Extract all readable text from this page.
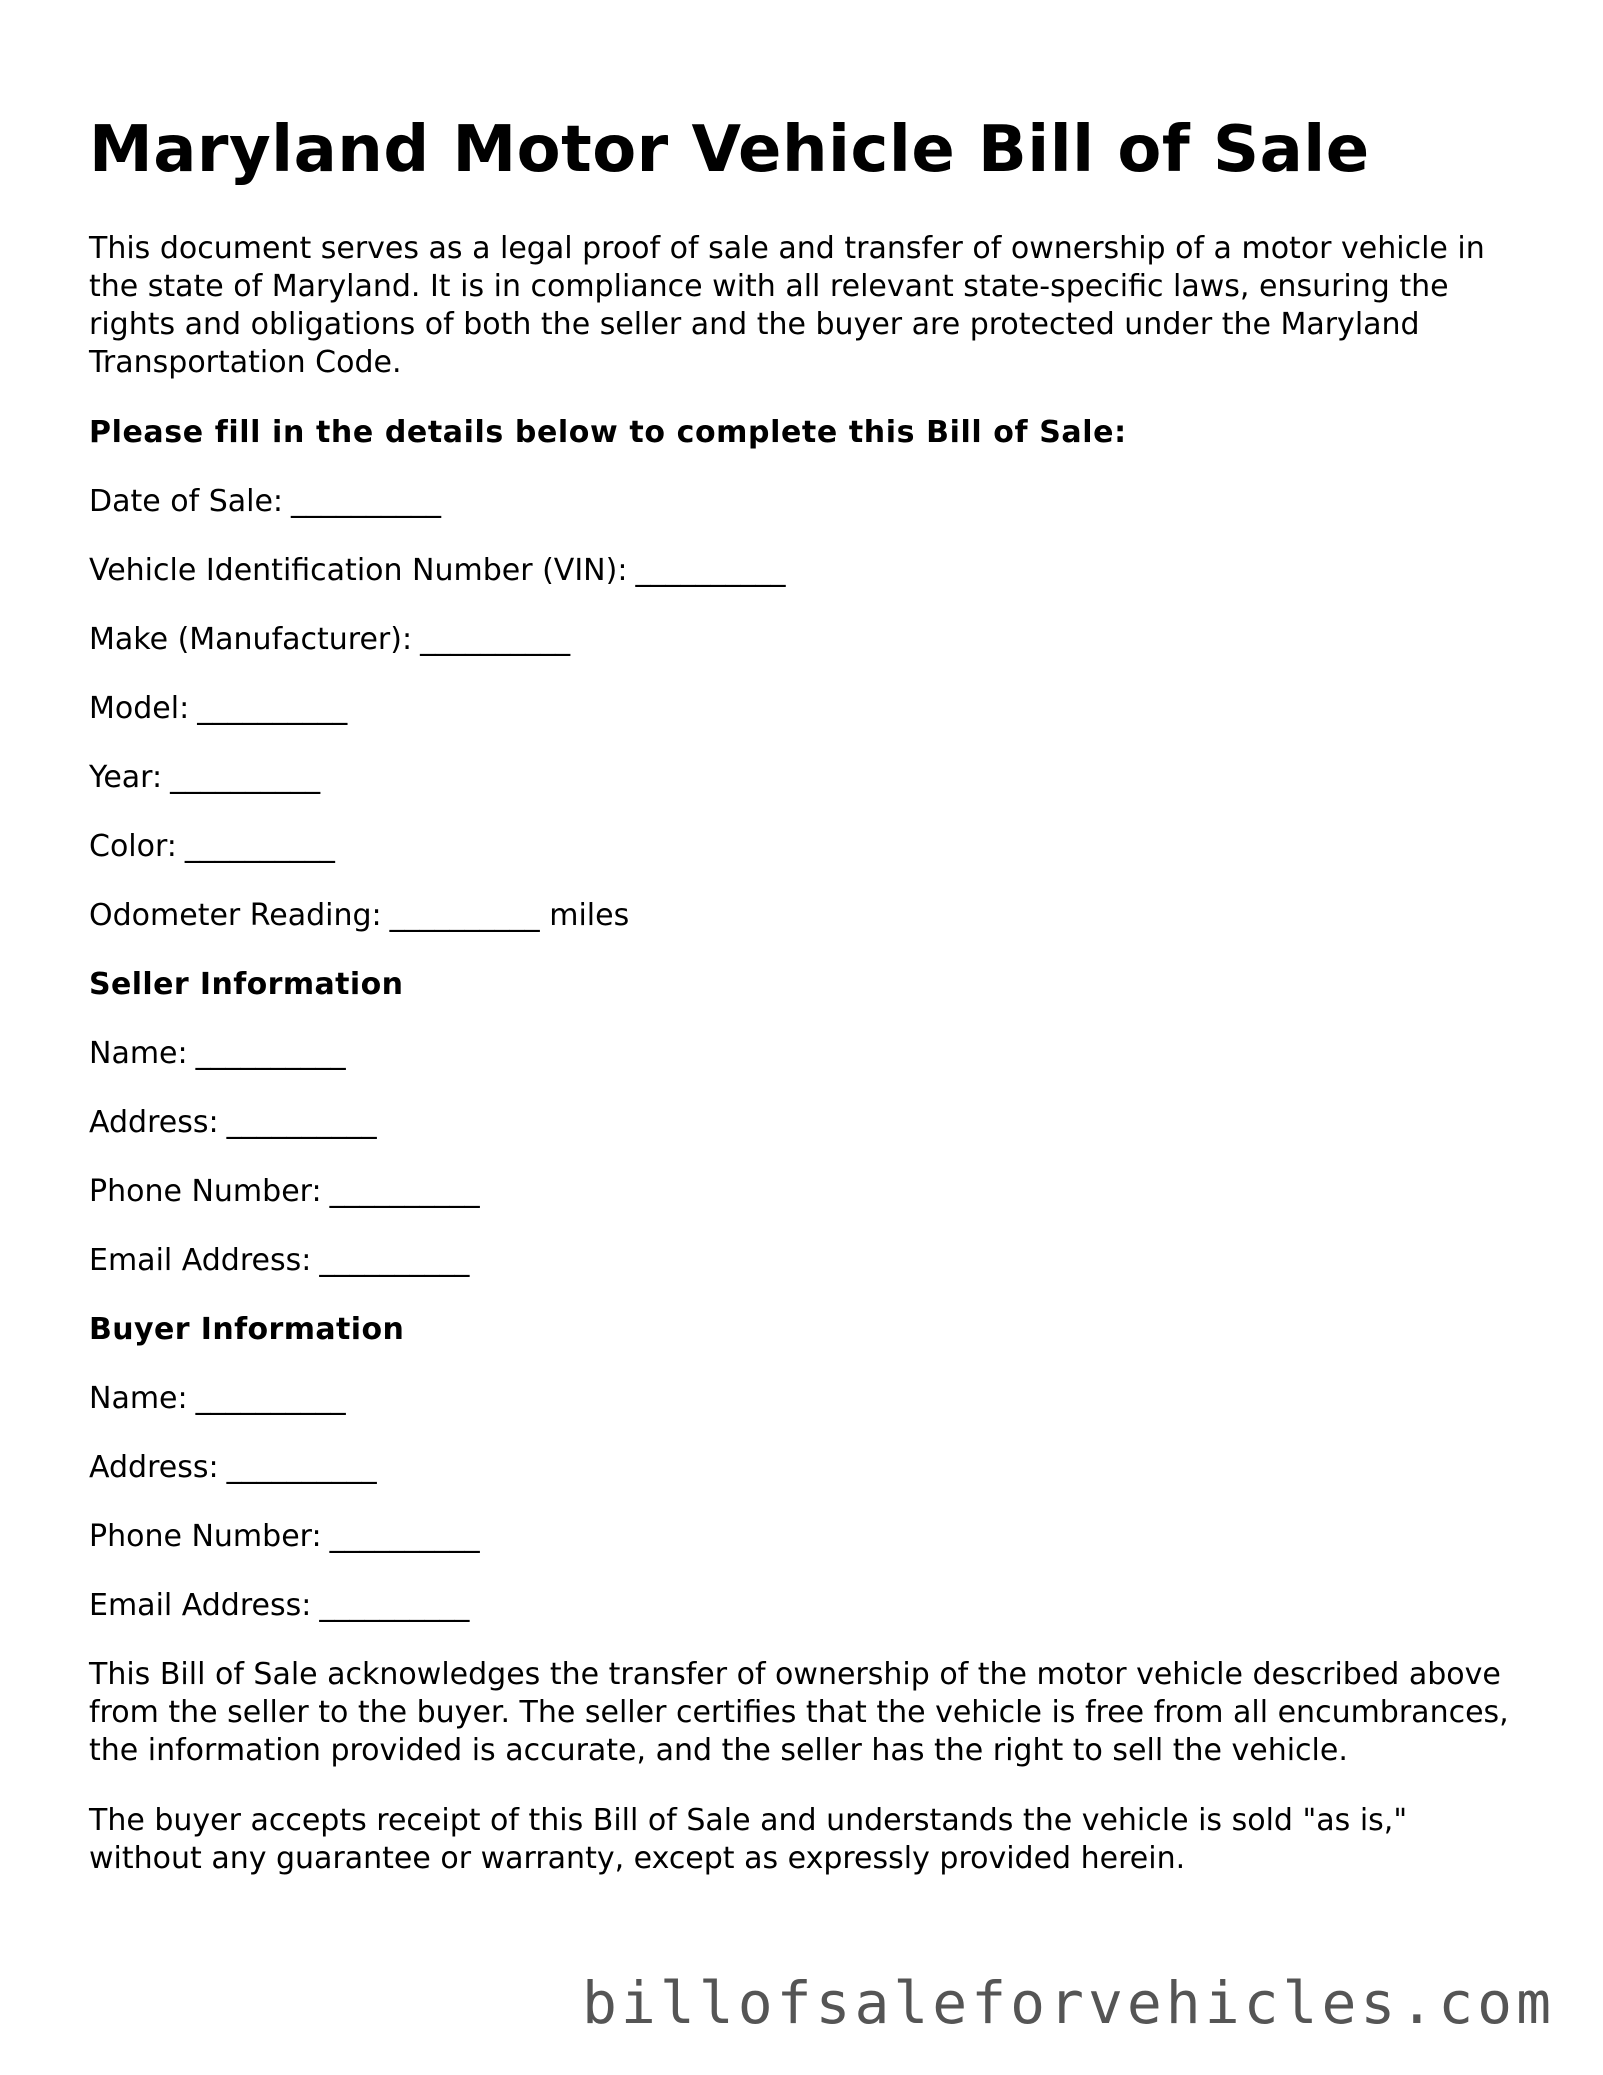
Maryland Motor Vehicle Bill of Sale

This document serves as a legal proof of sale and transfer of ownership of a motor vehicle in the state of Maryland. It is in compliance with all relevant state-specific laws, ensuring the rights and obligations of both the seller and the buyer are protected under the Maryland Transportation Code.

Please fill in the details below to complete this Bill of Sale:

Date of Sale: __________

Vehicle Identification Number (VIN): __________

Make (Manufacturer): __________

Model: __________

Year: __________

Color: __________

Odometer Reading: __________ miles

Seller Information

Name: __________

Address: __________

Phone Number: __________

Email Address: __________

Buyer Information

Name: __________

Address: __________

Phone Number: __________

Email Address: __________

This Bill of Sale acknowledges the transfer of ownership of the motor vehicle described above from the seller to the buyer. The seller certifies that the vehicle is free from all encumbrances, the information provided is accurate, and the seller has the right to sell the vehicle.

The buyer accepts receipt of this Bill of Sale and understands the vehicle is sold "as is," without any guarantee or warranty, except as expressly provided herein.

billofsaleforvehicles.com
